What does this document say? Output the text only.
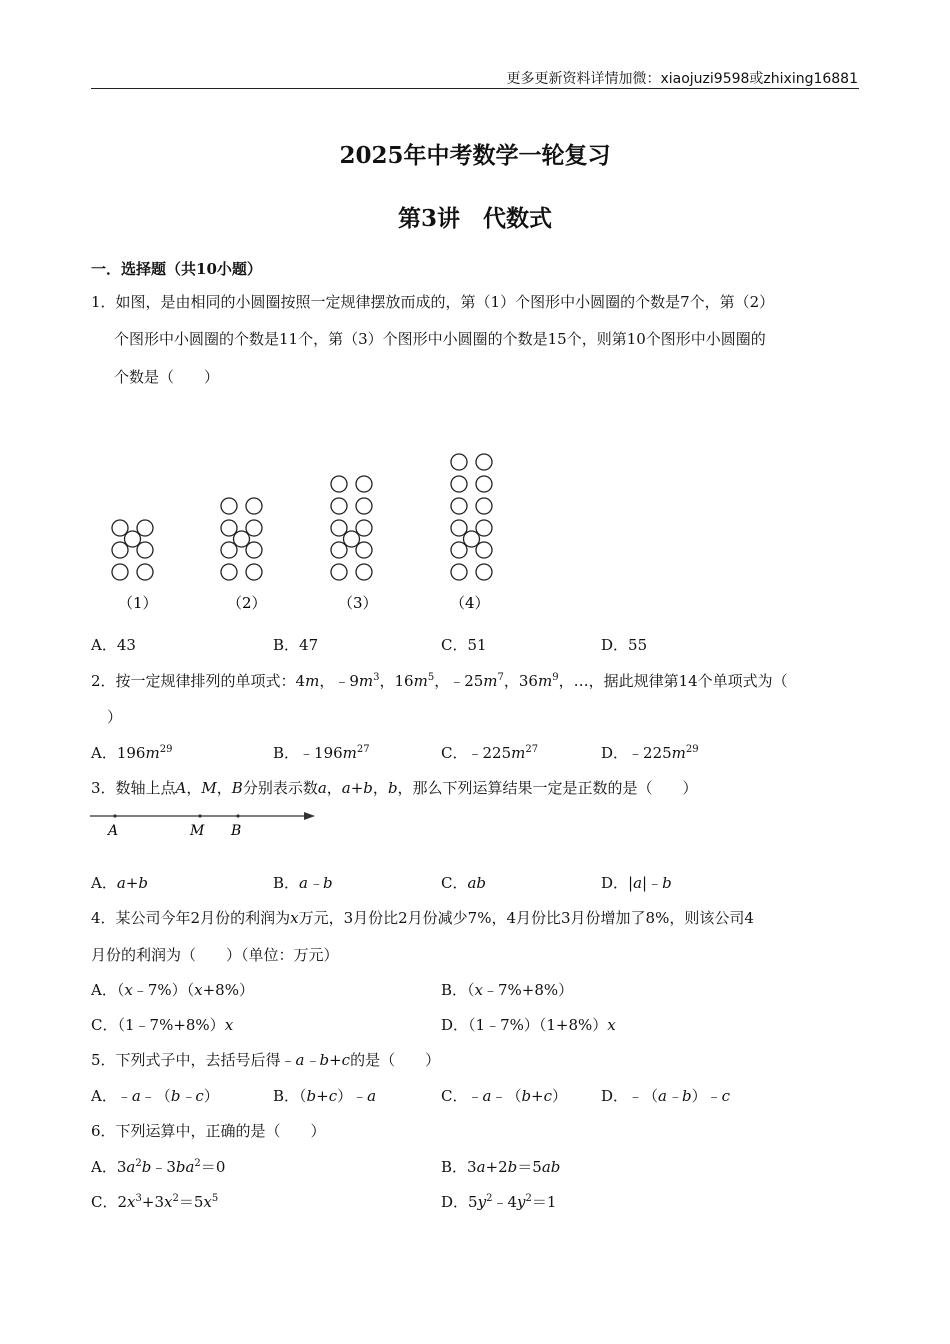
更多更新资料详情加微：xiaojuzi9598或zhixing16881
2025年中考数学一轮复习
第3讲　代数式
一．选择题（共10小题）
1．如图，是由相同的小圆圈按照一定规律摆放而成的，第（1）个图形中小圆圈的个数是7个，第（2）
个图形中小圆圈的个数是11个，第（3）个图形中小圆圈的个数是15个，则第10个图形中小圆圈的
个数是（　　）
（1）	（2）	（3）	（4）
A．43	B．47	C．51	D．55
2．按一定规律排列的单项式：4m，$﹣9m^3$，$16m^5$，$﹣25m^7$，$36m^9$，…，据此规律第14个单项式为（
）
A．$196m^{29}$	B．$﹣196m^{27}$	C．$﹣225m^{27}$	D．$﹣225m^{29}$
3．数轴上点A，M，B分别表示数a，a+b，b，那么下列运算结果一定是正数的是（　　）
A	M B
A．a+b	B．a﹣b	C．ab	D．|a|﹣b
4．某公司今年2月份的利润为x万元，3月份比2月份减少7%，4月份比3月份增加了8%，则该公司4
月份的利润为（　　）（单位：万元）
A．（x﹣7%）（x+8%）	B．（x﹣7%+8%）
C．（1﹣7%+8%）x	D．（1﹣7%）（1+8%）x
5．下列式子中，去括号后得﹣a﹣b+c的是（　　）
A．﹣a﹣（b﹣c）	B．（b+c）﹣a	C．﹣a﹣（b+c） D．﹣（a﹣b）﹣c
6．下列运算中，正确的是（　　）
A．$3a^2b﹣3ba^2=0$	B．3a+2b＝5ab
C．$2x^3+3x^2=5x^5$	D．$5y^2﹣4y^2=1$
